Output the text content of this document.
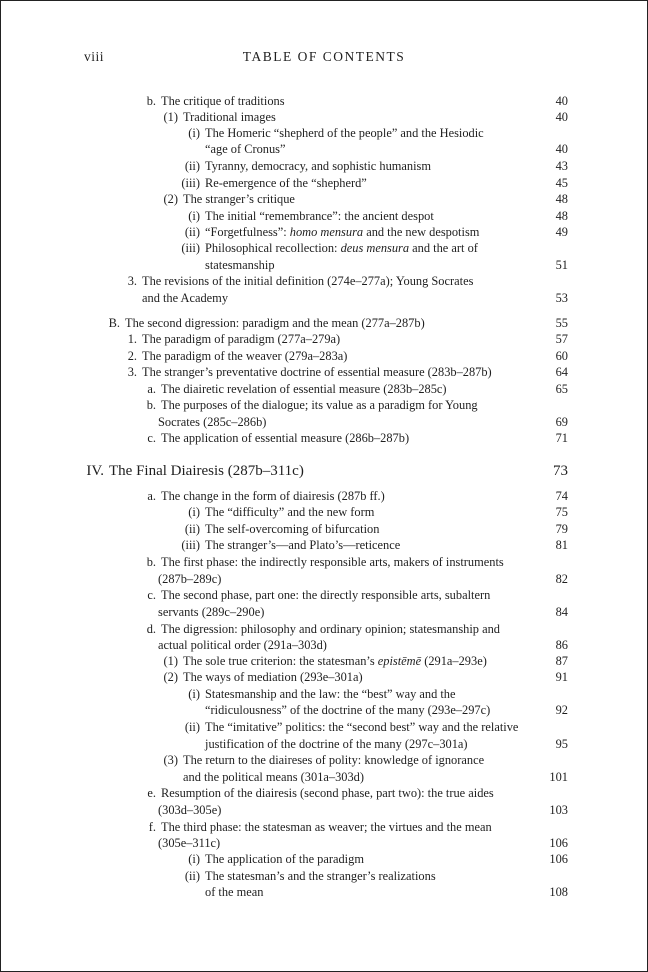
viii	TABLE OF CONTENTS
b. The critique of traditions	40
(1) Traditional images	40
(i) The Homeric “shepherd of the people” and the Hesiodic
“age of Cronus”	40
(ii) Tyranny, democracy, and sophistic humanism	43
(iii) Re-emergence of the “shepherd”	45
(2) The stranger’s critique	48
(i) The initial “remembrance”: the ancient despot	48
(ii) “Forgetfulness”: homo mensura and the new despotism	49
(iii) Philosophical recollection: deus mensura and the art of
statesmanship	51
3. The revisions of the initial definition (274e–277a); Young Socrates
and the Academy	53
B. The second digression: paradigm and the mean (277a–287b)	55
1. The paradigm of paradigm (277a–279a)	57
2. The paradigm of the weaver (279a–283a)	60
3. The stranger’s preventative doctrine of essential measure (283b–287b)	64
a. The diairetic revelation of essential measure (283b–285c)	65
b. The purposes of the dialogue; its value as a paradigm for Young
Socrates (285c–286b)	69
c. The application of essential measure (286b–287b)	71
IV. The Final Diairesis (287b–311c)	73
a. The change in the form of diairesis (287b ff.)	74
(i) The “difficulty” and the new form	75
(ii) The self-overcoming of bifurcation	79
(iii) The stranger’s—and Plato’s—reticence	81
b. The first phase: the indirectly responsible arts, makers of instruments
(287b–289c)	82
c. The second phase, part one: the directly responsible arts, subaltern
servants (289c–290e)	84
d. The digression: philosophy and ordinary opinion; statesmanship and
actual political order (291a–303d)	86
(1) The sole true criterion: the statesman’s epistēmē (291a–293e)	87
(2) The ways of mediation (293e–301a)	91
(i) Statesmanship and the law: the “best” way and the
“ridiculousness” of the doctrine of the many (293e–297c)	92
(ii) The “imitative” politics: the “second best” way and the relative
justification of the doctrine of the many (297c–301a)	95
(3) The return to the diaireses of polity: knowledge of ignorance
and the political means (301a–303d)	101
e. Resumption of the diairesis (second phase, part two): the true aides
(303d–305e)	103
f. The third phase: the statesman as weaver; the virtues and the mean
(305e–311c)	106
(i) The application of the paradigm	106
(ii) The statesman’s and the stranger’s realizations
of the mean	108
